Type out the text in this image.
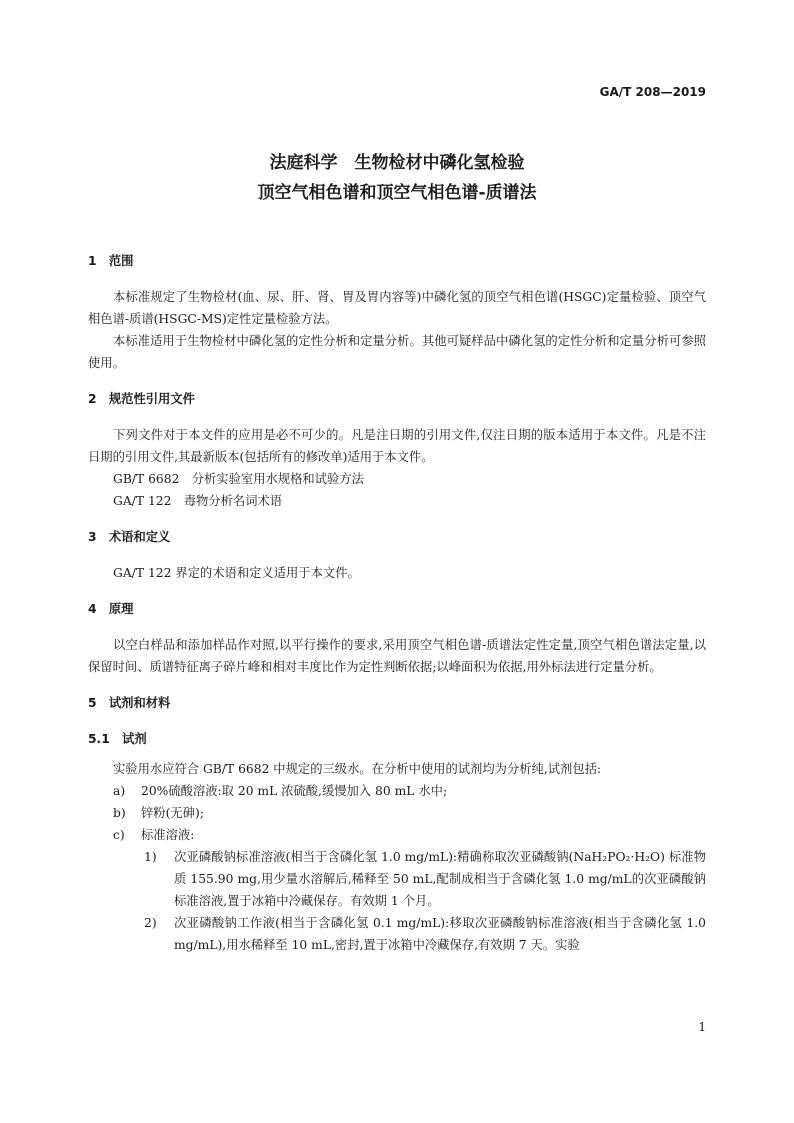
GA/T 208—2019
法庭科学　生物检材中磷化氢检验
顶空气相色谱和顶空气相色谱-质谱法
1　范围

本标准规定了生物检材(血、尿、肝、肾、胃及胃内容等)中磷化氢的顶空气相色谱(HSGC)定量检验、顶空气相色谱-质谱(HSGC-MS)定性定量检验方法。

本标准适用于生物检材中磷化氢的定性分析和定量分析。其他可疑样品中磷化氢的定性分析和定量分析可参照使用。

2　规范性引用文件

下列文件对于本文件的应用是必不可少的。凡是注日期的引用文件,仅注日期的版本适用于本文件。凡是不注日期的引用文件,其最新版本(包括所有的修改单)适用于本文件。

GB/T 6682　分析实验室用水规格和试验方法

GA/T 122　毒物分析名词术语

3　术语和定义

GA/T 122 界定的术语和定义适用于本文件。

4　原理

以空白样品和添加样品作对照,以平行操作的要求,采用顶空气相色谱-质谱法定性定量,顶空气相色谱法定量,以保留时间、质谱特征离子碎片峰和相对丰度比作为定性判断依据;以峰面积为依据,用外标法进行定量分析。

5　试剂和材料
5.1　试剂

实验用水应符合 GB/T 6682 中规定的三级水。在分析中使用的试剂均为分析纯,试剂包括:

a)	20%硫酸溶液:取 20 mL 浓硫酸,缓慢加入 80 mL 水中;
b)	锌粉(无砷);
c)	标准溶液:
1)	次亚磷酸钠标准溶液(相当于含磷化氢 1.0 mg/mL):精确称取次亚磷酸钠(NaH₂PO₂·H₂O) 标准物质 155.90 mg,用少量水溶解后,稀释至 50 mL,配制成相当于含磷化氢 1.0 mg/mL的次亚磷酸钠标准溶液,置于冰箱中冷藏保存。有效期 1 个月。
2)	次亚磷酸钠工作液(相当于含磷化氢 0.1 mg/mL):移取次亚磷酸钠标准溶液(相当于含磷化氢 1.0 mg/mL),用水稀释至 10 mL,密封,置于冰箱中冷藏保存,有效期 7 天。实验
1
